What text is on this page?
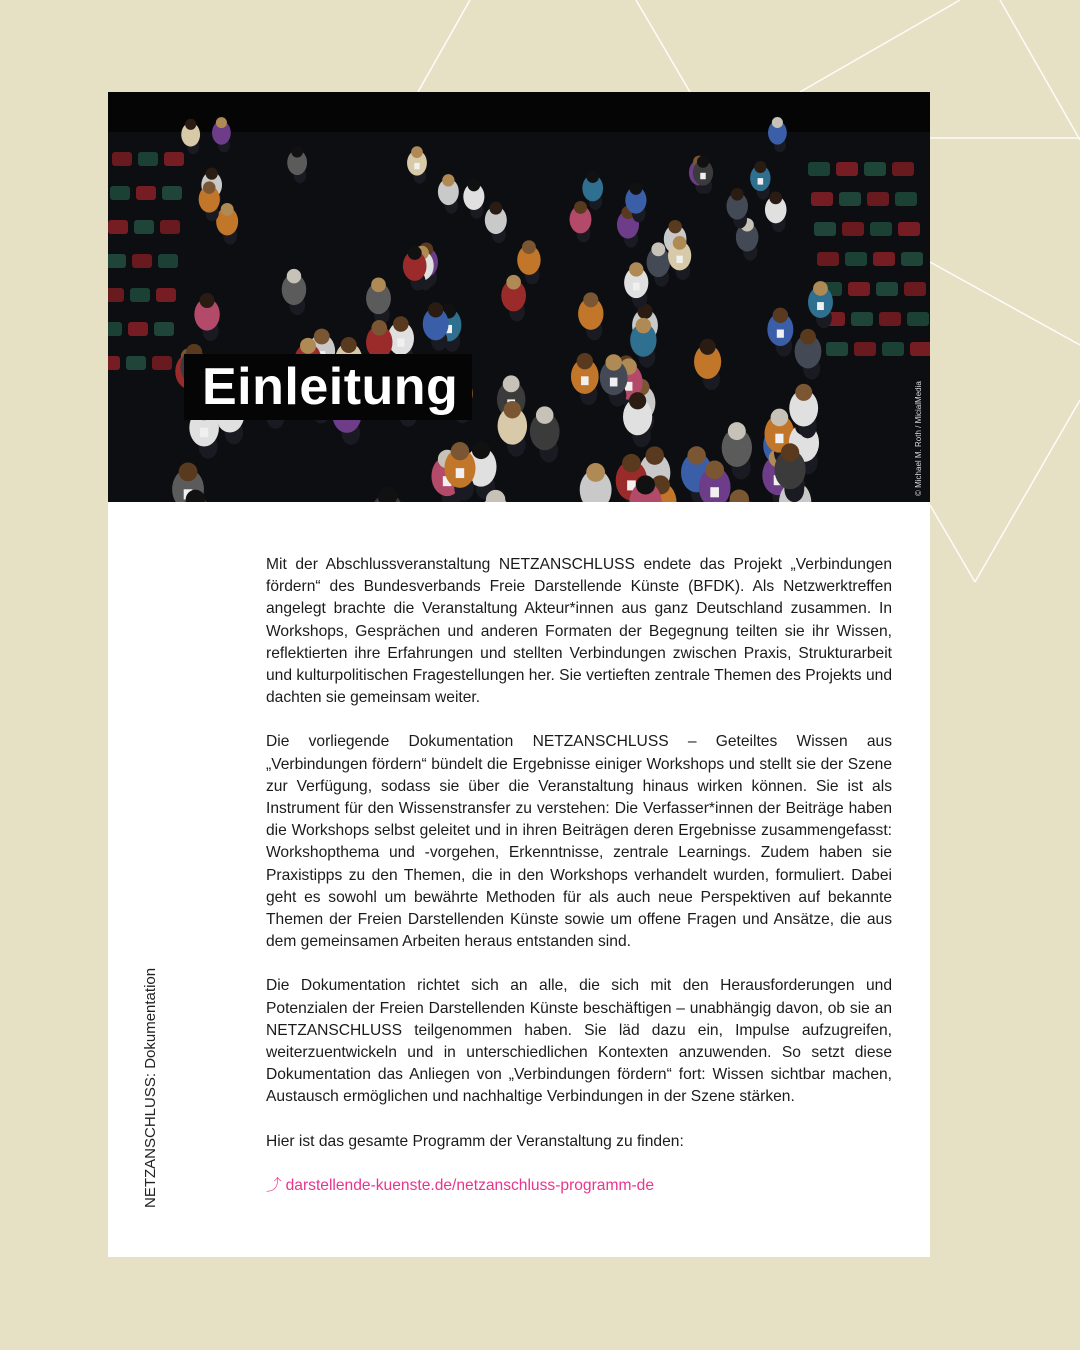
Einleitung	© Michael M. Roth / MicialMedia
NETZANSCHLUSS: Dokumentation

Mit der Abschlussveranstaltung NETZANSCHLUSS endete das Projekt „Verbindungen fördern“ des Bundesverbands Freie Darstellende Künste (BFDK). Als Netzwerktreffen angelegt brachte die Veranstaltung Akteur*innen aus ganz Deutschland zusammen. In Workshops, Gesprächen und anderen Formaten der Begegnung teilten sie ihr Wissen, reflektierten ihre Erfahrungen und stellten Verbindungen zwischen Praxis, Strukturarbeit und kulturpolitischen Fragestellungen her. Sie vertieften zentrale Themen des Projekts und dachten sie gemeinsam weiter.

Die vorliegende Dokumentation NETZANSCHLUSS – Geteiltes Wissen aus „Verbindungen fördern“ bündelt die Ergebnisse einiger Workshops und stellt sie der Szene zur Verfügung, sodass sie über die Veranstaltung hinaus wirken können. Sie ist als Instrument für den Wissenstransfer zu verstehen: Die Verfasser*innen der Beiträge haben die Workshops selbst geleitet und in ihren Beiträgen deren Ergebnisse zusammengefasst: Workshopthema und -vorgehen, Erkenntnisse, zentrale Learnings. Zudem haben sie Praxistipps zu den Themen, die in den Workshops verhandelt wurden, formuliert. Dabei geht es sowohl um bewährte Methoden für als auch neue Perspektiven auf bekannte Themen der Freien Darstellenden Künste sowie um offene Fragen und Ansätze, die aus dem gemeinsamen Arbeiten heraus entstanden sind.

Die Dokumentation richtet sich an alle, die sich mit den Herausforderungen und Potenzialen der Freien Darstellenden Künste beschäftigen – unabhängig davon, ob sie an NETZANSCHLUSS teilgenommen haben. Sie läd dazu ein, Impulse aufzugreifen, weiterzuentwickeln und in unterschiedlichen Kontexten anzuwenden. So setzt diese Dokumentation das Anliegen von „Verbindungen fördern“ fort: Wissen sichtbar machen, Austausch ermöglichen und nachhaltige Verbindungen in der Szene stärken.

Hier ist das gesamte Programm der Veranstaltung zu finden:

⤴ darstellende-kuenste.de/netzanschluss-programm-de
